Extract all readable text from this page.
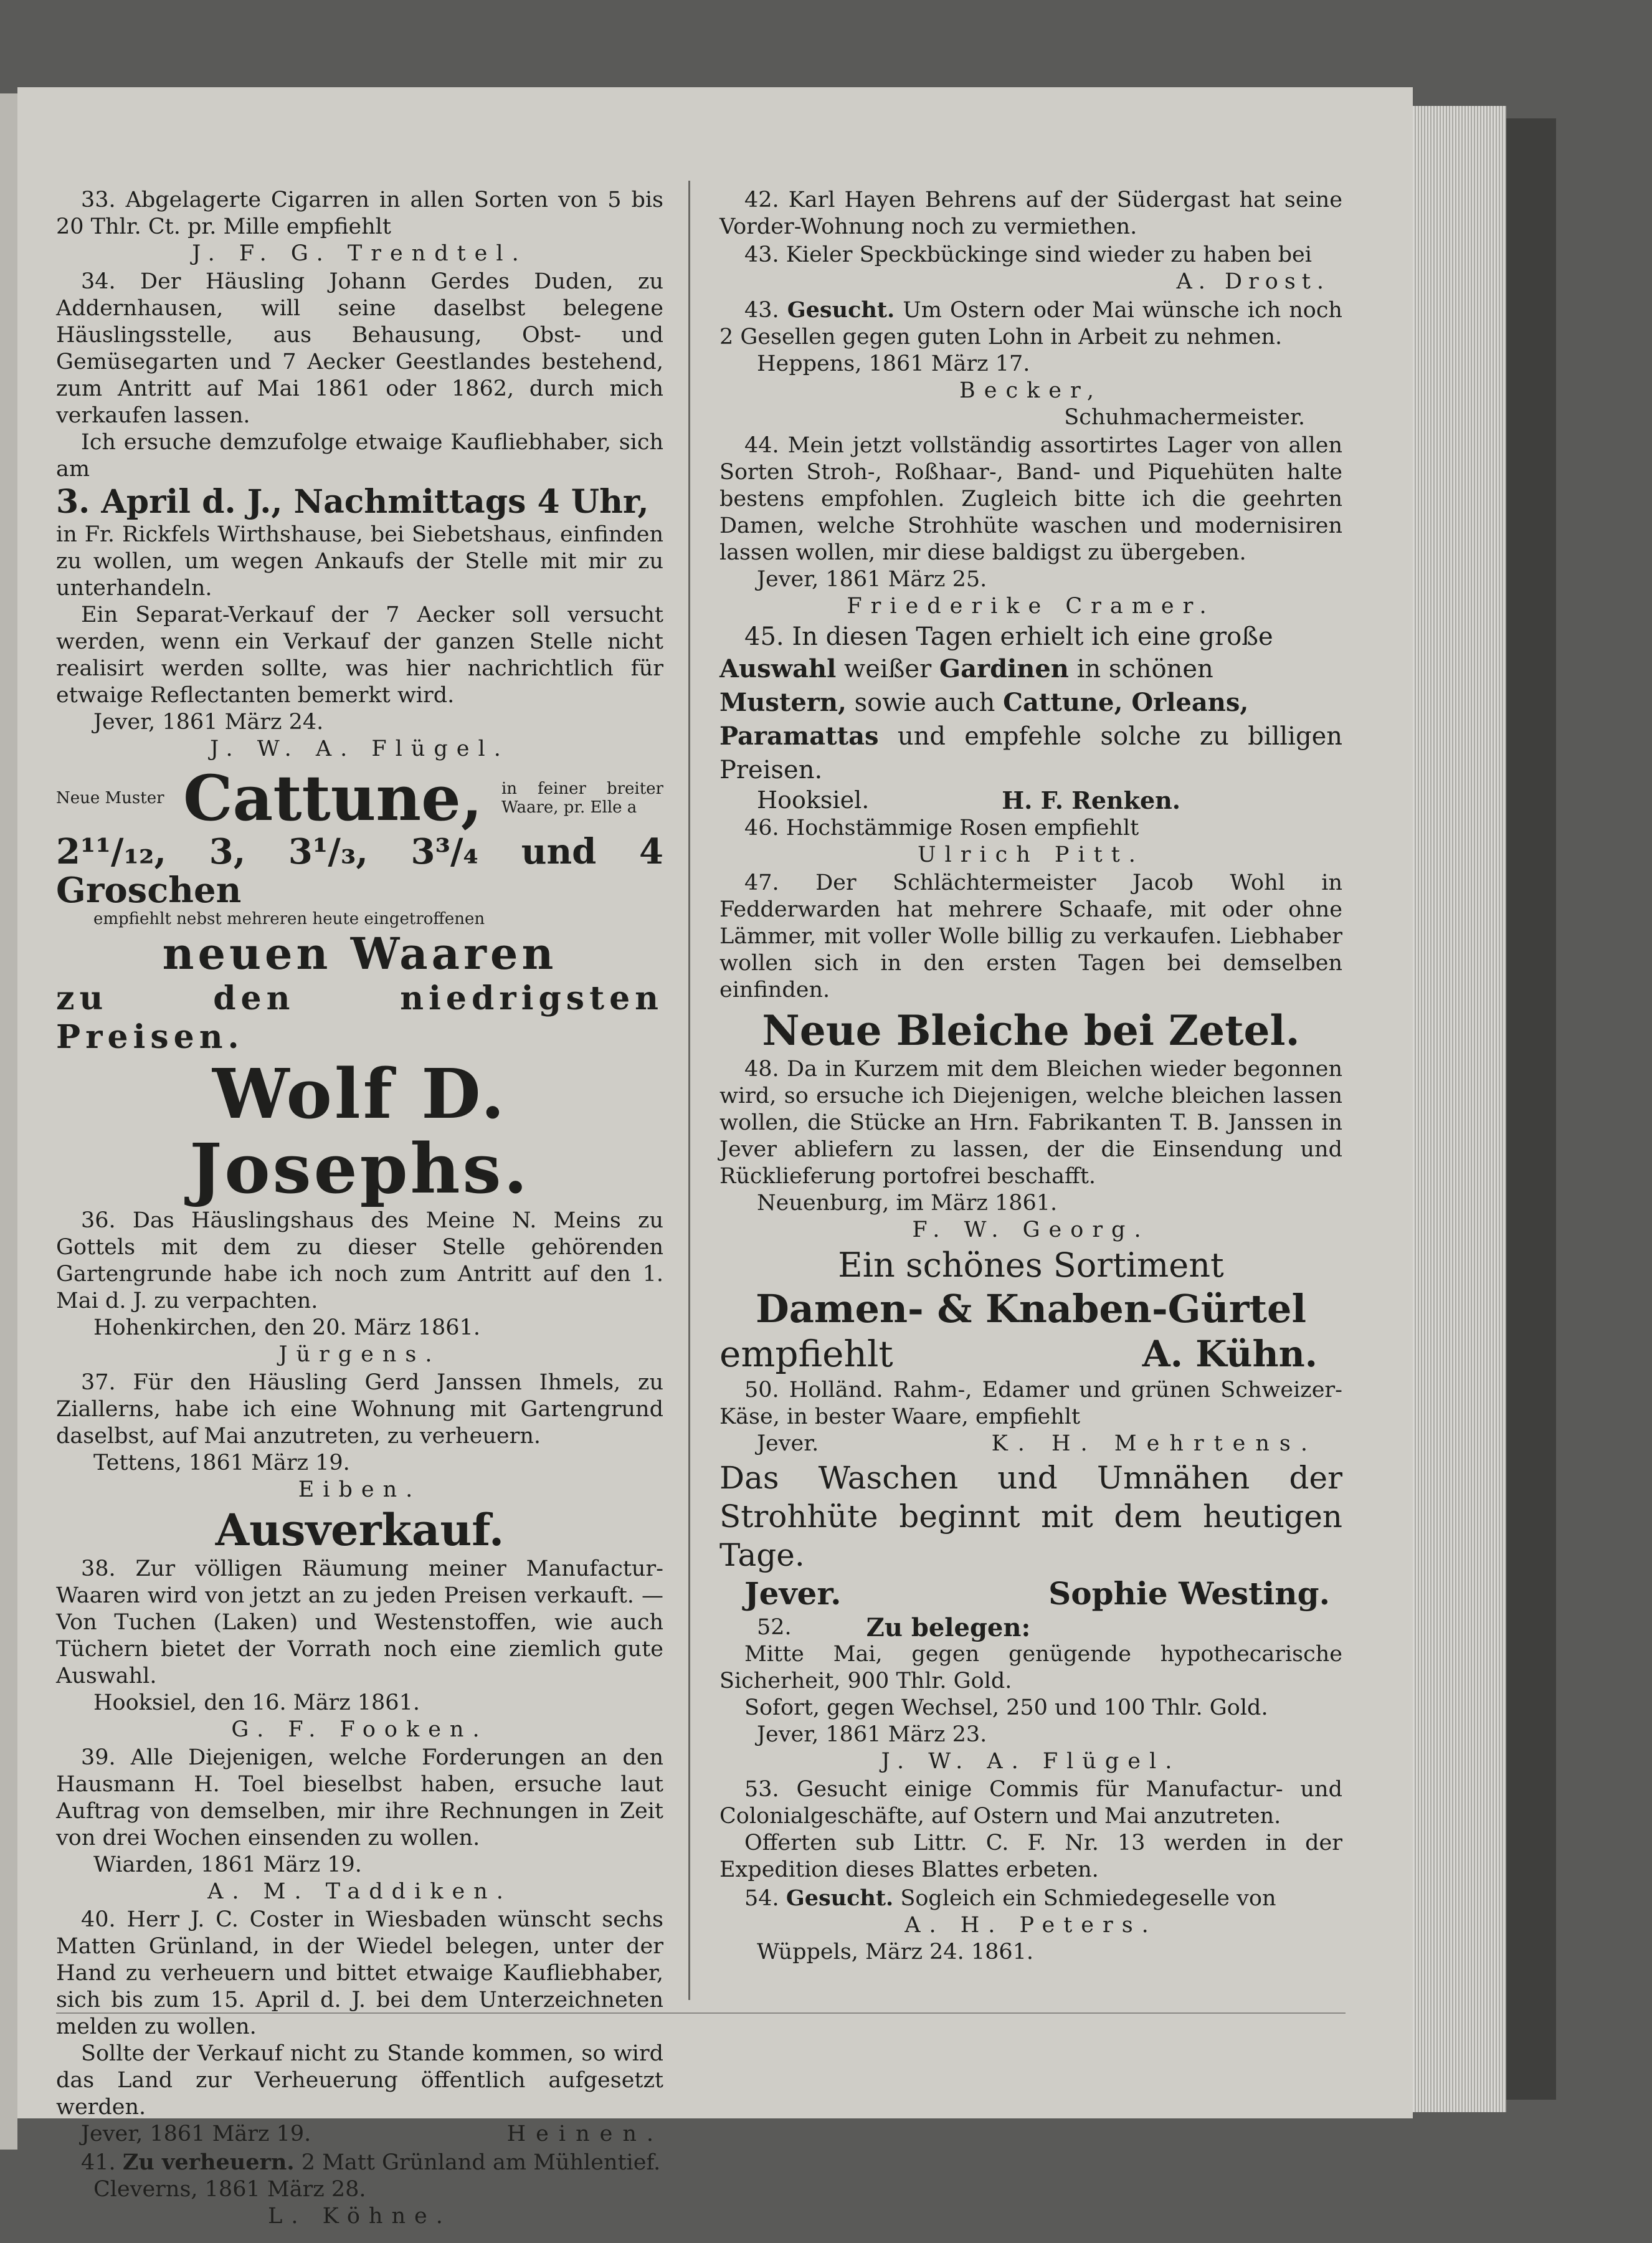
33. Abgelagerte Cigarren in allen Sorten von 5 bis 20 Thlr. Ct. pr. Mille empfiehlt
J. F. G. Trendtel.
34. Der Häusling Johann Gerdes Duden, zu Addernhausen, will seine daselbst belegene Häuslingsstelle, aus Behausung, Obst- und Gemüsegarten und 7 Aecker Geestlandes bestehend, zum Antritt auf Mai 1861 oder 1862, durch mich verkaufen lassen.
Ich ersuche demzufolge etwaige Kaufliebhaber, sich am
3. April d. J., Nachmittags 4 Uhr,
in Fr. Rickfels Wirthshause, bei Siebetshaus, einfinden zu wollen, um wegen Ankaufs der Stelle mit mir zu unterhandeln.
Ein Separat-Verkauf der 7 Aecker soll versucht werden, wenn ein Verkauf der ganzen Stelle nicht realisirt werden sollte, was hier nachrichtlich für etwaige Reflectanten bemerkt wird.
Jever, 1861 März 24.
J. W. A. Flügel.
Neue Muster Cattune, in feiner breiter Waare, pr. Elle a
2¹¹/₁₂, 3, 3¹/₃, 3³/₄ und 4 Groschen
empfiehlt nebst mehreren heute eingetroffenen
neuen Waaren
zu den niedrigsten Preisen.
Wolf D. Josephs.
36. Das Häuslingshaus des Meine N. Meins zu Gottels mit dem zu dieser Stelle gehörenden Gartengrunde habe ich noch zum Antritt auf den 1. Mai d. J. zu verpachten.
Hohenkirchen, den 20. März 1861.
Jürgens.
37. Für den Häusling Gerd Janssen Ihmels, zu Ziallerns, habe ich eine Wohnung mit Gartengrund daselbst, auf Mai anzutreten, zu verheuern.
Tettens, 1861 März 19.
Eiben.
Ausverkauf.
38. Zur völligen Räumung meiner Manufactur-Waaren wird von jetzt an zu jeden Preisen verkauft. — Von Tuchen (Laken) und Westenstoffen, wie auch Tüchern bietet der Vorrath noch eine ziemlich gute Auswahl.
Hooksiel, den 16. März 1861.
G. F. Fooken.
39. Alle Diejenigen, welche Forderungen an den Hausmann H. Toel bieselbst haben, ersuche laut Auftrag von demselben, mir ihre Rechnungen in Zeit von drei Wochen einsenden zu wollen.
Wiarden, 1861 März 19.
A. M. Taddiken.
40. Herr J. C. Coster in Wiesbaden wünscht sechs Matten Grünland, in der Wiedel belegen, unter der Hand zu verheuern und bittet etwaige Kaufliebhaber, sich bis zum 15. April d. J. bei dem Unterzeichneten melden zu wollen.
Sollte der Verkauf nicht zu Stande kommen, so wird das Land zur Verheuerung öffentlich aufgesetzt werden.
Jever, 1861 März 19.	Heinen.
41. Zu verheuern. 2 Matt Grünland am Mühlentief.
Cleverns, 1861 März 28.
L. Köhne.
42. Karl Hayen Behrens auf der Südergast hat seine Vorder-Wohnung noch zu vermiethen.
43. Kieler Speckbückinge sind wieder zu haben bei
A. Drost.
43. Gesucht. Um Ostern oder Mai wünsche ich noch 2 Gesellen gegen guten Lohn in Arbeit zu nehmen.
Heppens, 1861 März 17.
Becker,
Schuhmachermeister.
44. Mein jetzt vollständig assortirtes Lager von allen Sorten Stroh-, Roßhaar-, Band- und Piquehüten halte bestens empfohlen. Zugleich bitte ich die geehrten Damen, welche Strohhüte waschen und modernisiren lassen wollen, mir diese baldigst zu übergeben.
Jever, 1861 März 25.
Friederike Cramer.
45. In diesen Tagen erhielt ich eine große
Auswahl weißer Gardinen in schönen
Mustern, sowie auch Cattune, Orleans,
Paramattas und empfehle solche zu billigen Preisen.
Hooksiel.	H. F. Renken.
46. Hochstämmige Rosen empfiehlt
Ulrich Pitt.
47. Der Schlächtermeister Jacob Wohl in Fedderwarden hat mehrere Schaafe, mit oder ohne Lämmer, mit voller Wolle billig zu verkaufen. Liebhaber wollen sich in den ersten Tagen bei demselben einfinden.
Neue Bleiche bei Zetel.
48. Da in Kurzem mit dem Bleichen wieder begonnen wird, so ersuche ich Diejenigen, welche bleichen lassen wollen, die Stücke an Hrn. Fabrikanten T. B. Janssen in Jever abliefern zu lassen, der die Einsendung und Rücklieferung portofrei beschafft.
Neuenburg, im März 1861.
F. W. Georg.
Ein schönes Sortiment
Damen- & Knaben-Gürtel
empfiehlt	A. Kühn.
50. Holländ. Rahm-, Edamer und grünen Schweizer-Käse, in bester Waare, empfiehlt
Jever.	K. H. Mehrtens.
Das Waschen und Umnähen der Strohhüte beginnt mit dem heutigen Tage.
Jever.	Sophie Westing.
52.	Zu belegen:
Mitte Mai, gegen genügende hypothecarische Sicherheit, 900 Thlr. Gold.
Sofort, gegen Wechsel, 250 und 100 Thlr. Gold.
Jever, 1861 März 23.
J. W. A. Flügel.
53. Gesucht einige Commis für Manufactur- und Colonialgeschäfte, auf Ostern und Mai anzutreten.
Offerten sub Littr. C. F. Nr. 13 werden in der Expedition dieses Blattes erbeten.
54. Gesucht. Sogleich ein Schmiedegeselle von
A. H. Peters.
Wüppels, März 24. 1861.
